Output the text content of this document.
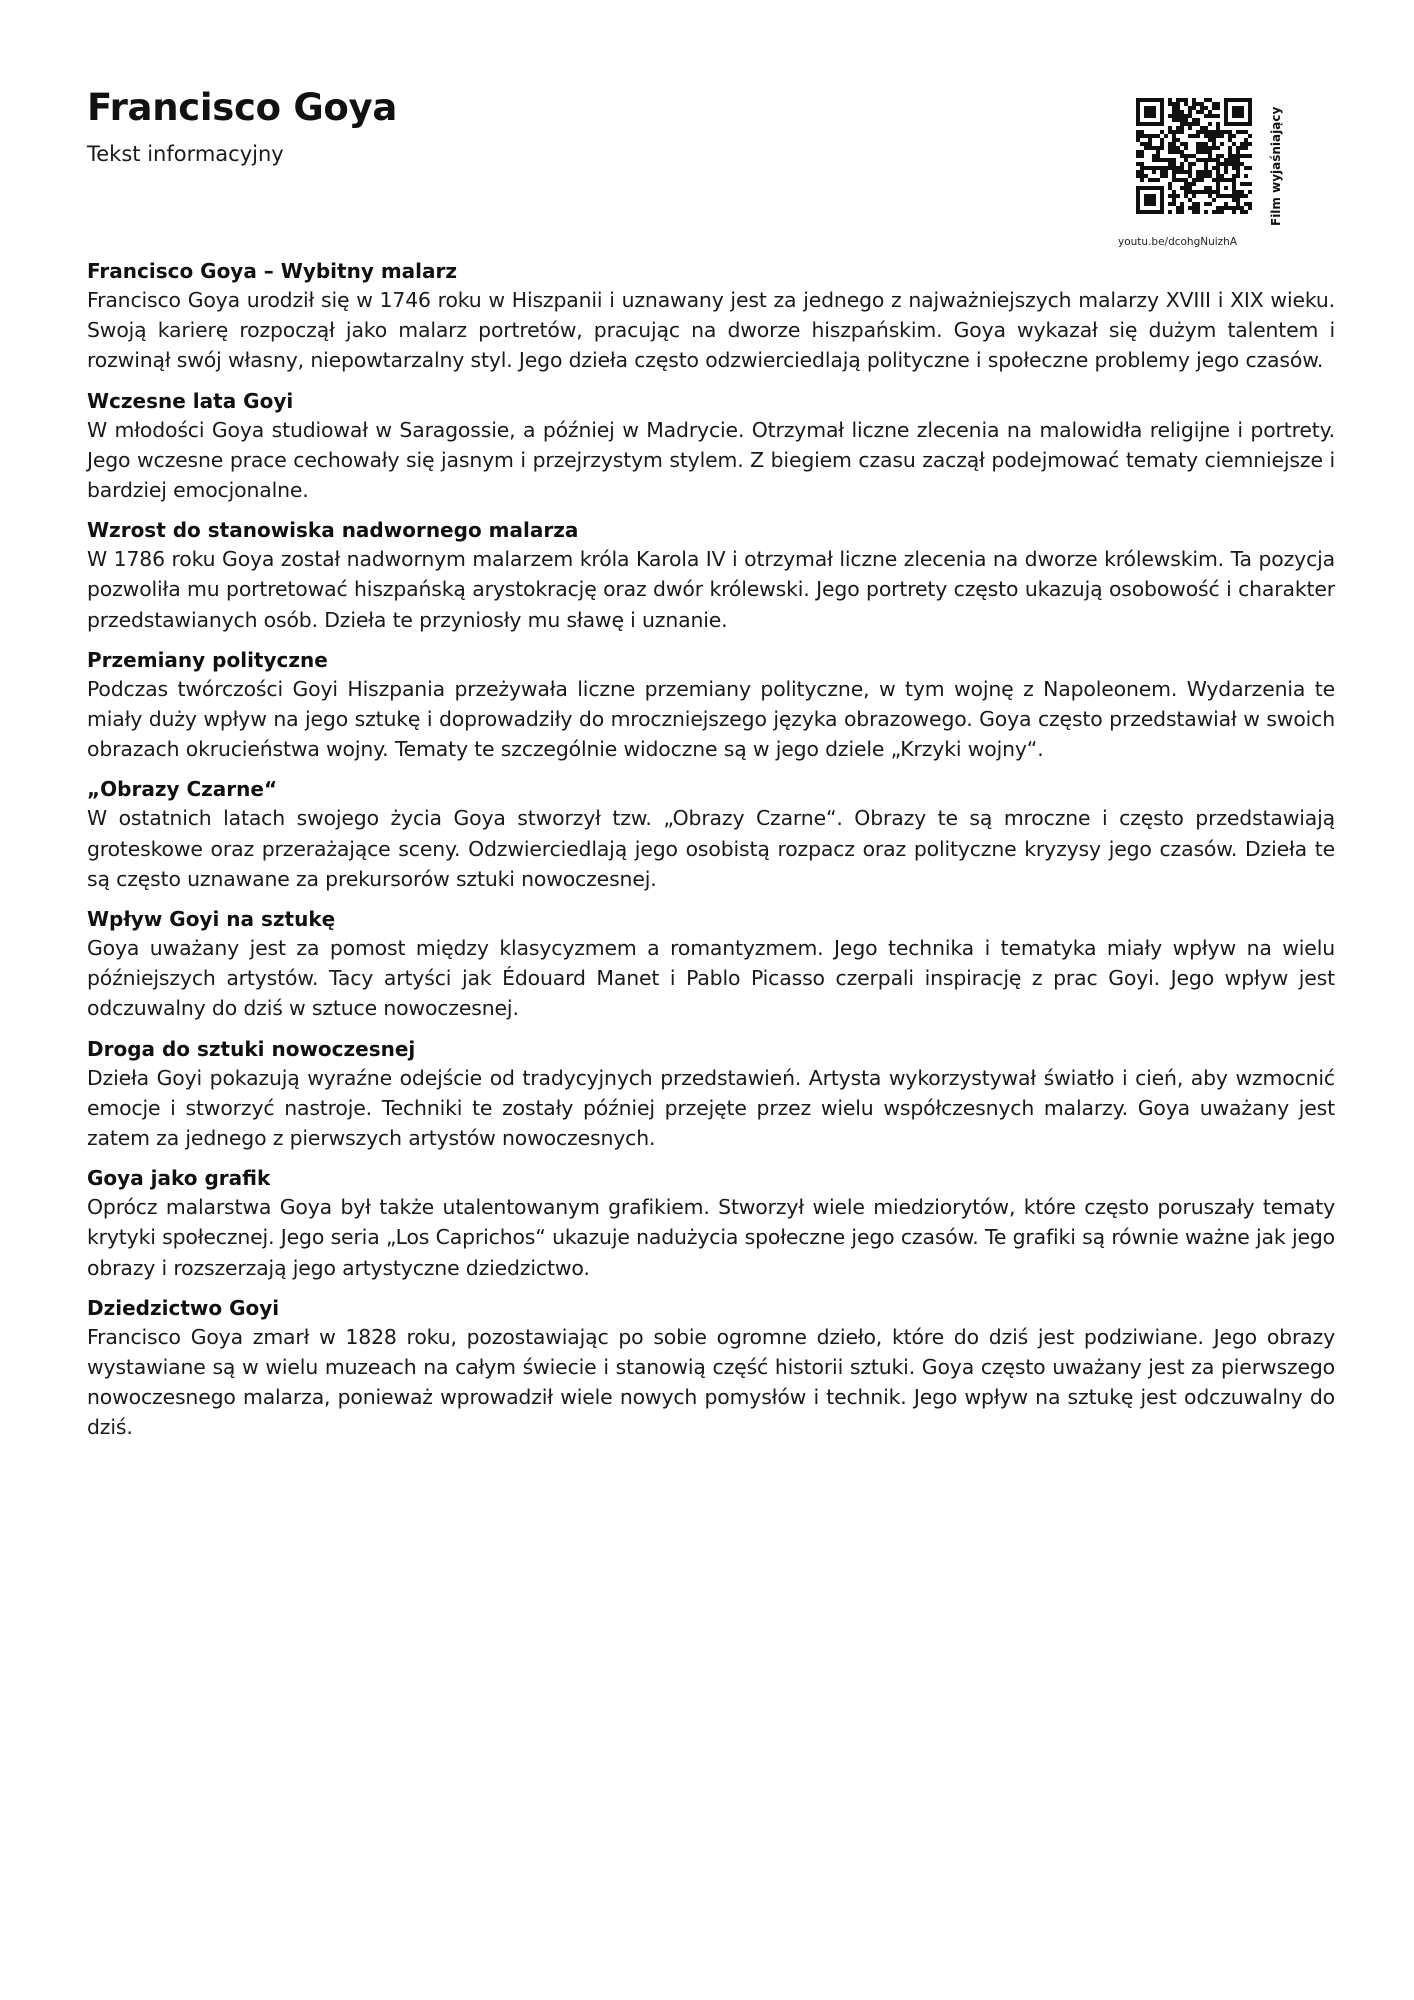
Francisco Goya

Tekst informacyjny	Film wyjaśniający
youtu.be/dcohgNuizhA

Francisco Goya – Wybitny malarz

Francisco Goya urodził się w 1746 roku w Hiszpanii i uznawany jest za jednego z najważniejszych malarzy XVIII i XIX wieku. Swoją karierę rozpoczął jako malarz portretów, pracując na dworze hiszpańskim. Goya wykazał się dużym talentem i rozwinął swój własny, niepowtarzalny styl. Jego dzieła często odzwierciedlają polityczne i społeczne problemy jego czasów.

Wczesne lata Goyi

W młodości Goya studiował w Saragossie, a później w Madrycie. Otrzymał liczne zlecenia na malowidła religijne i portrety. Jego wczesne prace cechowały się jasnym i przejrzystym stylem. Z biegiem czasu zaczął podejmować tematy ciemniejsze i bardziej emocjonalne.

Wzrost do stanowiska nadwornego malarza

W 1786 roku Goya został nadwornym malarzem króla Karola IV i otrzymał liczne zlecenia na dworze królewskim. Ta pozycja pozwoliła mu portretować hiszpańską arystokrację oraz dwór królewski. Jego portrety często ukazują osobowość i charakter przedstawianych osób. Dzieła te przyniosły mu sławę i uznanie.

Przemiany polityczne

Podczas twórczości Goyi Hiszpania przeżywała liczne przemiany polityczne, w tym wojnę z Napoleonem. Wydarzenia te miały duży wpływ na jego sztukę i doprowadziły do mroczniejszego języka obrazowego. Goya często przedstawiał w swoich obrazach okrucieństwa wojny. Tematy te szczególnie widoczne są w jego dziele „Krzyki wojny“.

„Obrazy Czarne“

W ostatnich latach swojego życia Goya stworzył tzw. „Obrazy Czarne“. Obrazy te są mroczne i często przedstawiają groteskowe oraz przerażające sceny. Odzwierciedlają jego osobistą rozpacz oraz polityczne kryzysy jego czasów. Dzieła te są często uznawane za prekursorów sztuki nowoczesnej.

Wpływ Goyi na sztukę

Goya uważany jest za pomost między klasycyzmem a romantyzmem. Jego technika i tematyka miały wpływ na wielu późniejszych artystów. Tacy artyści jak Édouard Manet i Pablo Picasso czerpali inspirację z prac Goyi. Jego wpływ jest odczuwalny do dziś w sztuce nowoczesnej.

Droga do sztuki nowoczesnej

Dzieła Goyi pokazują wyraźne odejście od tradycyjnych przedstawień. Artysta wykorzystywał światło i cień, aby wzmocnić emocje i stworzyć nastroje. Techniki te zostały później przejęte przez wielu współczesnych malarzy. Goya uważany jest zatem za jednego z pierwszych artystów nowoczesnych.

Goya jako grafik

Oprócz malarstwa Goya był także utalentowanym grafikiem. Stworzył wiele miedziorytów, które często poruszały tematy krytyki społecznej. Jego seria „Los Caprichos“ ukazuje nadużycia społeczne jego czasów. Te grafiki są równie ważne jak jego obrazy i rozszerzają jego artystyczne dziedzictwo.

Dziedzictwo Goyi

Francisco Goya zmarł w 1828 roku, pozostawiając po sobie ogromne dzieło, które do dziś jest podziwiane. Jego obrazy wystawiane są w wielu muzeach na całym świecie i stanowią część historii sztuki. Goya często uważany jest za pierwszego nowoczesnego malarza, ponieważ wprowadził wiele nowych pomysłów i technik. Jego wpływ na sztukę jest odczuwalny do dziś.
